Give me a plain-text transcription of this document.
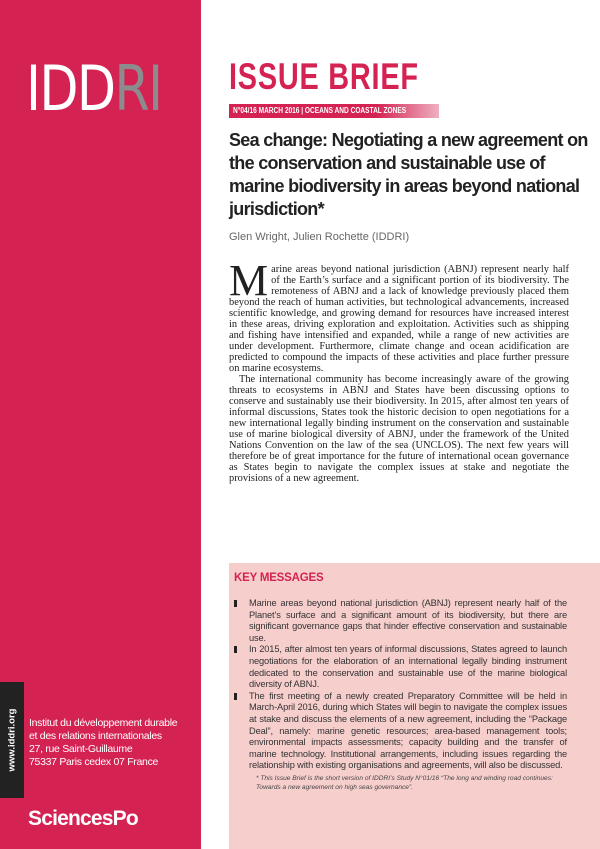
IDDRI
www.iddri.org Institut du développement durable
et des relations internationales
27, rue Saint-Guillaume
75337 Paris cedex 07 France
SciencesPo
ISSUE BRIEF
N°04/16 MARCH 2016 | OCEANS AND COASTAL ZONES
Sea change: Negotiating a new agreement on the conservation and sustainable use of marine biodiversity in areas beyond national jurisdiction*
Glen Wright, Julien Rochette (IDDRI)

Marine areas beyond national jurisdiction (ABNJ) represent nearly half of the Earth’s surface and a significant portion of its biodiversity. The remoteness of ABNJ and a lack of knowledge previously placed them beyond the reach of human activities, but technological advancements, increased scientific knowledge, and growing demand for resources have increased interest in these areas, driving exploration and exploitation. Activities such as shipping and fishing have intensified and expanded, while a range of new activities are under development. Furthermore, climate change and ocean acidification are predicted to compound the impacts of these activities and place further pressure on marine ecosystems.

The international community has become increasingly aware of the growing threats to ecosystems in ABNJ and States have been discussing options to conserve and sustainably use their biodiversity. In 2015, after almost ten years of informal discussions, States took the historic decision to open negotiations for a new international legally binding instrument on the conservation and sustainable use of marine biological diversity of ABNJ, under the framework of the United Nations Convention on the law of the sea (UNCLOS). The next few years will therefore be of great importance for the future of international ocean governance as States begin to navigate the complex issues at stake and negotiate the provisions of a new agreement.

KEY MESSAGES
Marine areas beyond national jurisdiction (ABNJ) represent nearly half of the Planet’s surface and a significant amount of its biodiversity, but there are significant governance gaps that hinder effective conservation and sustainable use.
In 2015, after almost ten years of informal discussions, States agreed to launch negotiations for the elaboration of an international legally binding instrument dedicated to the conservation and sustainable use of the marine biological diversity of ABNJ.
The first meeting of a newly created Preparatory Committee will be held in March-April 2016, during which States will begin to navigate the complex issues at stake and discuss the elements of a new agreement, including the “Package Deal”, namely: marine genetic resources; area-based management tools; environmental impacts assessments; capacity building and the transfer of marine technology. Institutional arrangements, including issues regarding the relationship with existing organisations and agreements, will also be discussed.
* This Issue Brief is the short version of IDDRI’s Study N°01/16 “The long and winding road continues: Towards a new agreement on high seas governance”.
